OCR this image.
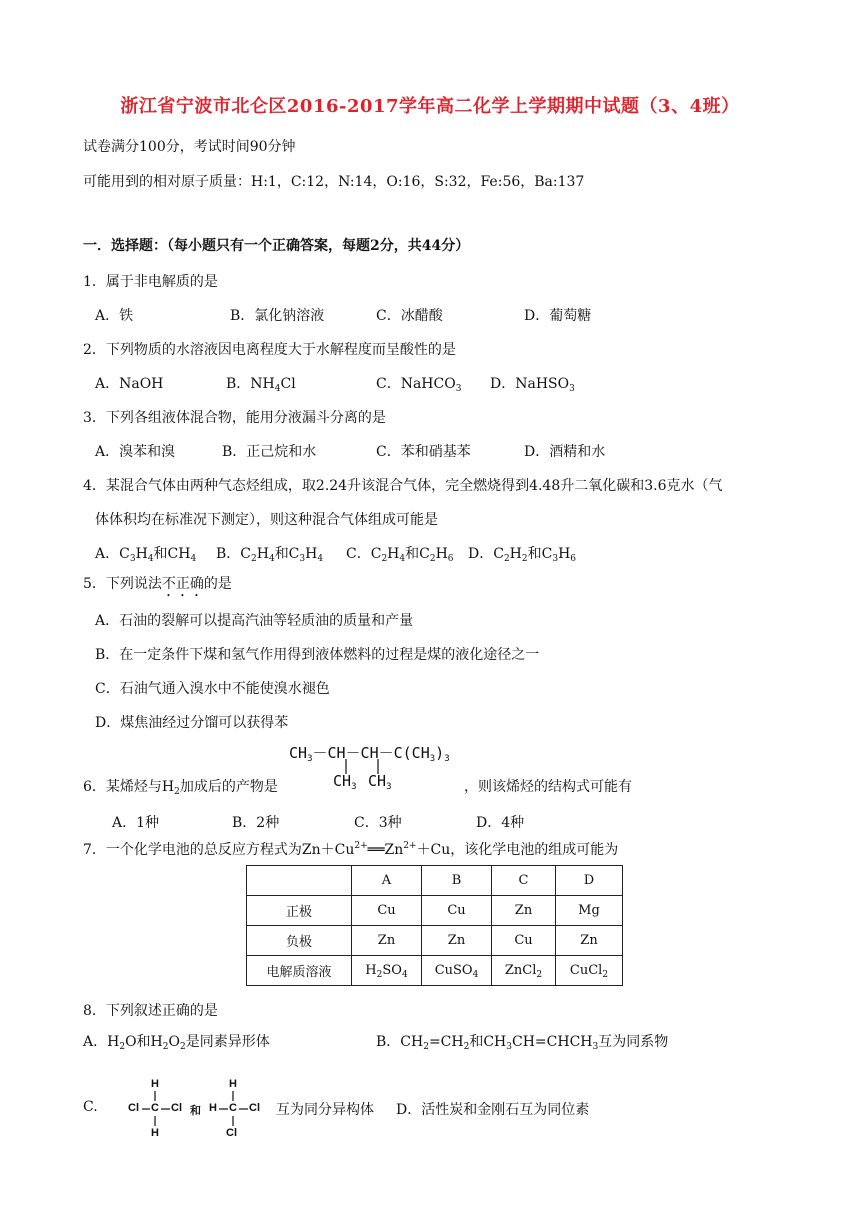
浙江省宁波市北仑区2016-2017学年高二化学上学期期中试题（3、4班）
试卷满分100分，考试时间90分钟
可能用到的相对原子质量：H:1，C:12，N:14，O:16，S:32，Fe:56，Ba:137
一．选择题：（每小题只有一个正确答案，每题2分，共44分）
1．属于非电解质的是
A．铁	B．氯化钠溶液	C．冰醋酸	D．葡萄糖
2．下列物质的水溶液因电离程度大于水解程度而呈酸性的是
A．NaOH	B．$NH_4Cl$	C．NaHCO$_3$ D．NaHSO$_3$
3．下列各组液体混合物，能用分液漏斗分离的是
A．溴苯和溴	B．正己烷和水	C．苯和硝基苯	D．酒精和水
4．某混合气体由两种气态烃组成，取2.24升该混合气体，完全燃烧得到4.48升二氧化碳和3.6克水（气
体体积均在标准况下测定），则这种混合气体组成可能是
A．$C_3H_4$和$CH_4$ B．$C_2H_4$和$C_3H_4$ C．$C_2H_4$和$C_2H_6$ D．$C_2H_2$和$C_3H_6$
5．下列说法不正确的是
A．石油的裂解可以提高汽油等轻质油的质量和产量
B．在一定条件下煤和氢气作用得到液体燃料的过程是煤的液化途径之一
C．石油气通入溴水中不能使溴水褪色
D．煤焦油经过分馏可以获得苯
$CH_3-CH-CH-C(CH_3)_3$
$CH_3$ $CH_3$
6．某烯烃与$H_2$加成后的产物是	，则该烯烃的结构式可能有
A．1种	B．2种	C．3种	D．4种
7．一个化学电池的总反应方程式为$Zn+Cu^{2+}══Zn^{2+}+Cu$，该化学电池的组成可能为
	A	B	C	D
正极	Cu	Cu	Zn	Mg
负极	Zn	Zn	Cu	Zn
电解质溶液	$H_2SO_4$	CuSO$_4$	ZnCl$_2$	CuCl$_2$
8．下列叙述正确的是
A．$H_2O$和$H_2O_2$是同素异形体	B．$CH_2=CH_2$和$CH_3CH=CHCH_3$互为同系物
C.
H
Cl C Cl
H
和 H
H
C Cl
Cl
互为同分异构体 D．活性炭和金刚石互为同位素
